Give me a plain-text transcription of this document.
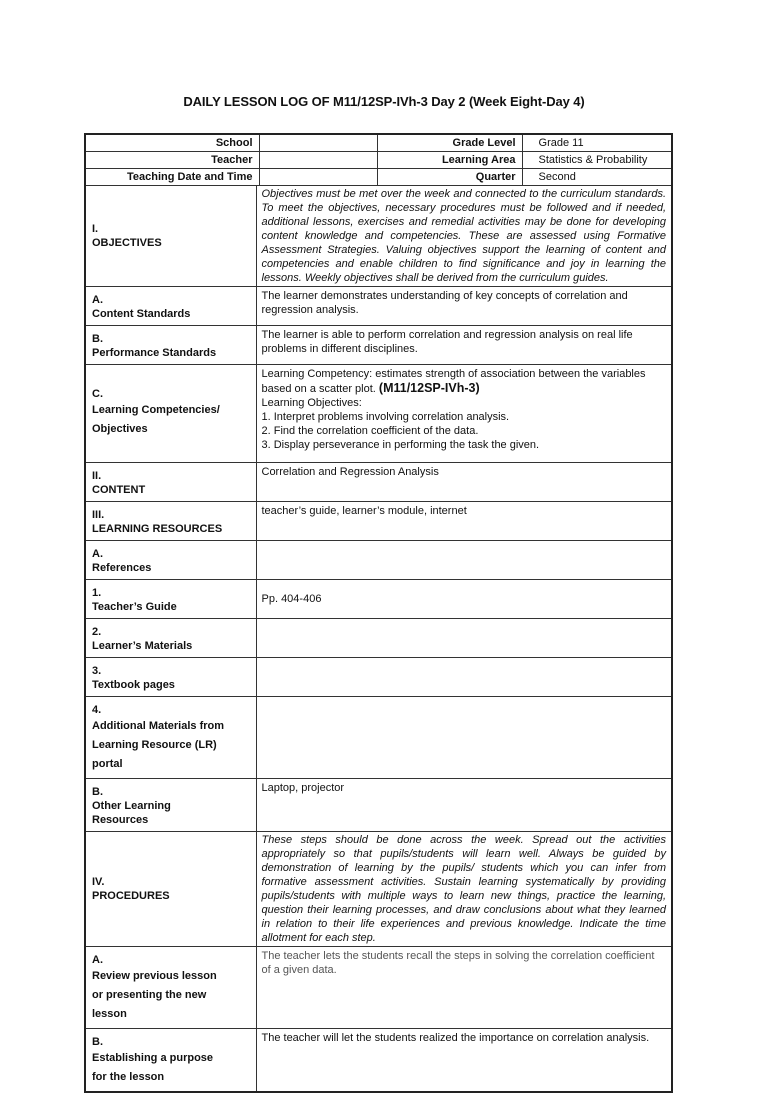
DAILY LESSON LOG OF M11/12SP-IVh-3 Day 2 (Week Eight-Day 4)
School			Grade Level	Grade 11
Teacher			Learning Area	Statistics & Probability
Teaching Date and Time			Quarter	Second
I.OBJECTIVES	Objectives must be met over the week and connected to the curriculum standards. To meet the objectives, necessary procedures must be followed and if needed, additional lessons, exercises and remedial activities may be done for developing content knowledge and competencies. These are assessed using Formative Assessment Strategies. Valuing objectives support the learning of content and competencies and enable children to find significance and joy in learning the lessons. Weekly objectives shall be derived from the curriculum guides.			
A.Content Standards	The learner demonstrates understanding of key concepts of correlation and regression analysis.			
B.Performance Standards	The learner is able to perform correlation and regression analysis on real life problems in different disciplines.			
C.Learning Competencies/ Objectives	Learning Competency: estimates strength of association between the variables based on a scatter plot. (M11/12SP-IVh-3)
Learning Objectives:
1. Interpret problems involving correlation analysis.
2. Find the correlation coefficient of the data.
3. Display perseverance in performing the task the given.			

II.CONTENT	Correlation and Regression Analysis			
III.LEARNING RESOURCES	teacher’s guide, learner’s module, internet			
A.References				
1.Teacher’s Guide	Pp. 404-406			
2.Learner’s Materials				
3.Textbook pages				
4.Additional Materials from Learning Resource (LR) portal				
B.Other Learning Resources	Laptop, projector			
IV.PROCEDURES	These steps should be done across the week. Spread out the activities appropriately so that pupils/students will learn well. Always be guided by demonstration of learning by the pupils/ students which you can infer from formative assessment activities. Sustain learning systematically by providing pupils/students with multiple ways to learn new things, practice the learning, question their learning processes, and draw conclusions about what they learned in relation to their life experiences and previous knowledge. Indicate the time allotment for each step.			
A.Review previous lesson or presenting the new lesson	The teacher lets the students recall the steps in solving the correlation coefficient of a given data.			
B.Establishing a purpose for the lesson	The teacher will let the students realized the importance on correlation analysis.			
